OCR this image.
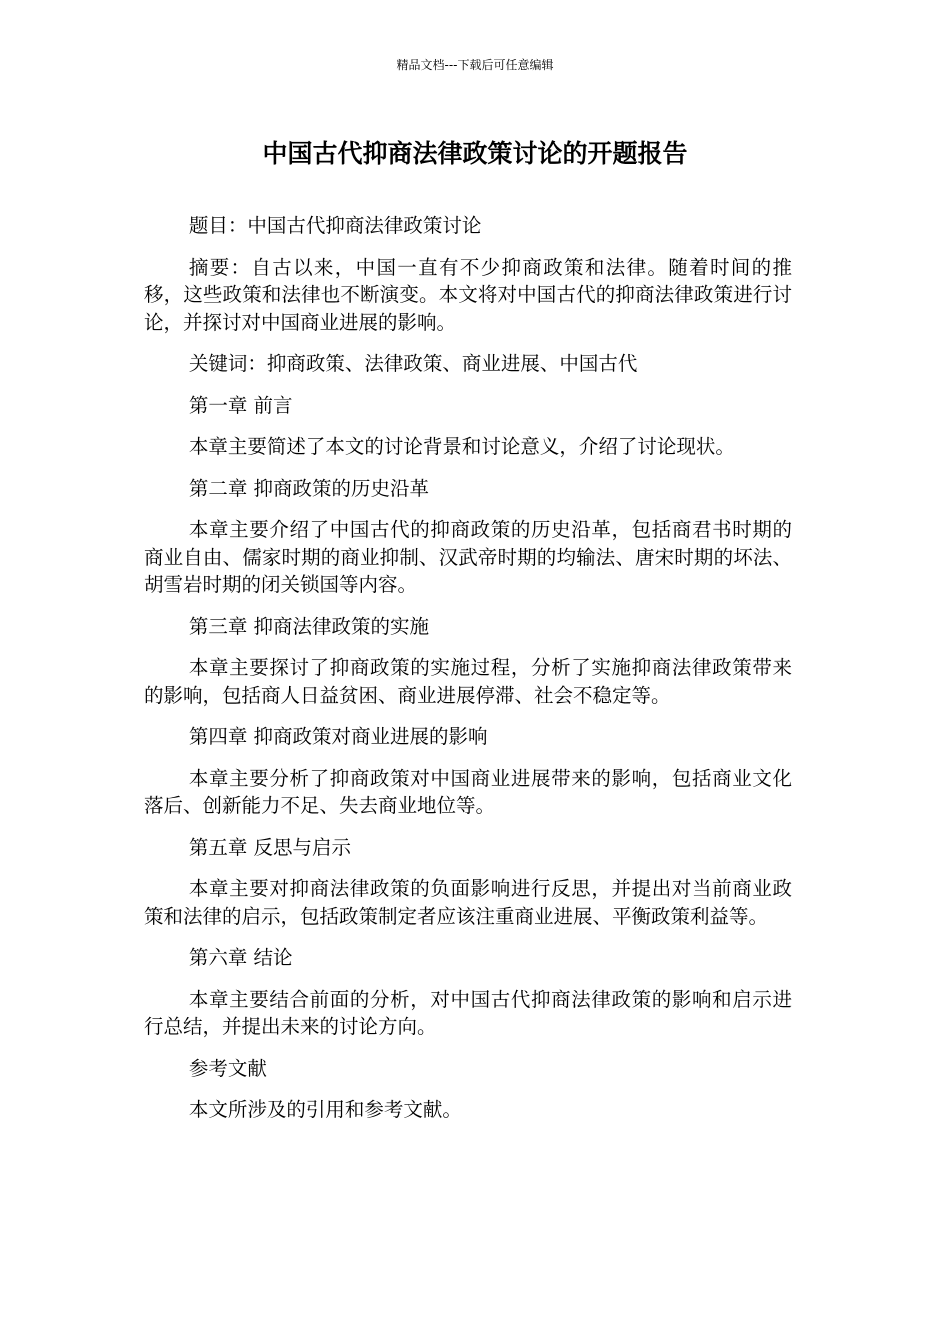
精品文档---下载后可任意编辑
中国古代抑商法律政策讨论的开题报告

题目：中国古代抑商法律政策讨论

摘要：自古以来，中国一直有不少抑商政策和法律。随着时间的推移，这些政策和法律也不断演变。本文将对中国古代的抑商法律政策进行讨论，并探讨对中国商业进展的影响。

关键词：抑商政策、法律政策、商业进展、中国古代

第一章 前言

本章主要简述了本文的讨论背景和讨论意义，介绍了讨论现状。

第二章 抑商政策的历史沿革

本章主要介绍了中国古代的抑商政策的历史沿革，包括商君书时期的商业自由、儒家时期的商业抑制、汉武帝时期的均输法、唐宋时期的坏法、胡雪岩时期的闭关锁国等内容。

第三章 抑商法律政策的实施

本章主要探讨了抑商政策的实施过程，分析了实施抑商法律政策带来的影响，包括商人日益贫困、商业进展停滞、社会不稳定等。

第四章 抑商政策对商业进展的影响

本章主要分析了抑商政策对中国商业进展带来的影响，包括商业文化落后、创新能力不足、失去商业地位等。

第五章 反思与启示

本章主要对抑商法律政策的负面影响进行反思，并提出对当前商业政策和法律的启示，包括政策制定者应该注重商业进展、平衡政策利益等。

第六章 结论

本章主要结合前面的分析，对中国古代抑商法律政策的影响和启示进行总结，并提出未来的讨论方向。

参考文献

本文所涉及的引用和参考文献。
